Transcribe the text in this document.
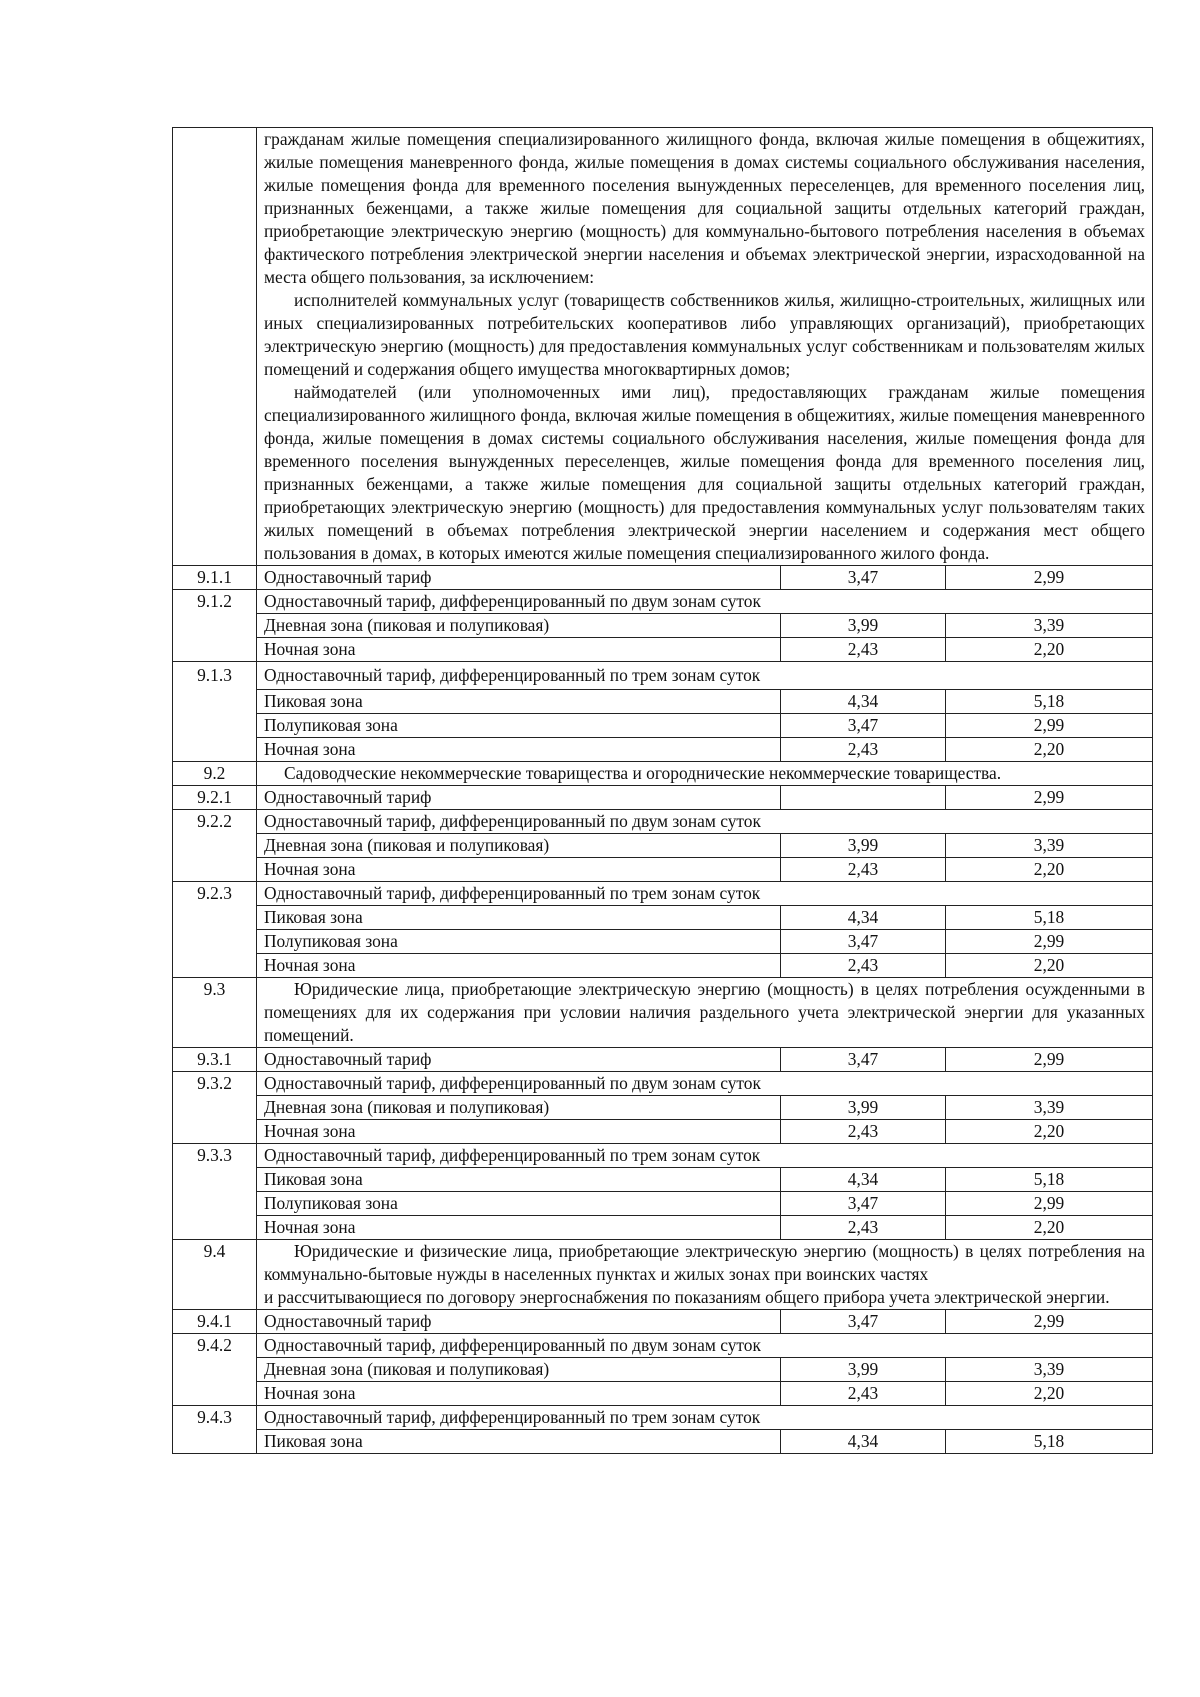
	гражданам жилые помещения специализированного жилищного фонда, включая жилые помещения в общежитиях, жилые помещения маневренного фонда, жилые помещения в домах системы социального обслуживания населения, жилые помещения фонда для временного поселения вынужденных переселенцев, для временного поселения лиц, признанных беженцами, а также жилые помещения для социальной защиты отдельных категорий граждан, приобретающие электрическую энергию (мощность) для коммунально-бытового потребления населения в объемах фактического потребления электрической энергии населения и объемах электрической энергии, израсходованной на места общего пользования, за исключением:

исполнителей коммунальных услуг (товариществ собственников жилья, жилищно-строительных, жилищных или иных специализированных потребительских кооперативов либо управляющих организаций), приобретающих электрическую энергию (мощность) для предоставления коммунальных услуг собственникам и пользователям жилых помещений и содержания общего имущества многоквартирных домов;

наймодателей (или уполномоченных ими лиц), предоставляющих гражданам жилые помещения специализированного жилищного фонда, включая жилые помещения в общежитиях, жилые помещения маневренного фонда, жилые помещения в домах системы социального обслуживания населения, жилые помещения фонда для временного поселения вынужденных переселенцев, жилые помещения фонда для временного поселения лиц, признанных беженцами, а также жилые помещения для социальной защиты отдельных категорий граждан, приобретающих электрическую энергию (мощность) для предоставления коммунальных услуг пользователям таких жилых помещений в объемах потребления электрической энергии населением и содержания мест общего пользования в домах, в которых имеются жилые помещения специализированного жилого фонда.		

9.1.1	Одноставочный тариф	3,47	2,99
9.1.2	Одноставочный тариф, дифференцированный по двум зонам суток		
	Дневная зона (пиковая и полупиковая)	3,99	3,39
	Ночная зона	2,43	2,20
9.1.3	Одноставочный тариф, дифференцированный по трем зонам суток		
	Пиковая зона	4,34	5,18
	Полупиковая зона	3,47	2,99
	Ночная зона	2,43	2,20
9.2	Садоводческие некоммерческие товарищества и огороднические некоммерческие товарищества.		
9.2.1	Одноставочный тариф		2,99
9.2.2	Одноставочный тариф, дифференцированный по двум зонам суток		
	Дневная зона (пиковая и полупиковая)	3,99	3,39
	Ночная зона	2,43	2,20
9.2.3	Одноставочный тариф, дифференцированный по трем зонам суток		
	Пиковая зона	4,34	5,18
	Полупиковая зона	3,47	2,99
	Ночная зона	2,43	2,20
9.3	Юридические лица, приобретающие электрическую энергию (мощность) в целях потребления осужденными в помещениях для их содержания при условии наличия раздельного учета электрической энергии для указанных помещений.		
9.3.1	Одноставочный тариф	3,47	2,99
9.3.2	Одноставочный тариф, дифференцированный по двум зонам суток		
	Дневная зона (пиковая и полупиковая)	3,99	3,39
	Ночная зона	2,43	2,20
9.3.3	Одноставочный тариф, дифференцированный по трем зонам суток		
	Пиковая зона	4,34	5,18
	Полупиковая зона	3,47	2,99
	Ночная зона	2,43	2,20
9.4	Юридические и физические лица, приобретающие электрическую энергию (мощность) в целях потребления на коммунально-бытовые нужды в населенных пунктах и жилых зонах при воинских частях

и рассчитывающиеся по договору энергоснабжения по показаниям общего прибора учета электрической энергии.		

9.4.1	Одноставочный тариф	3,47	2,99
9.4.2	Одноставочный тариф, дифференцированный по двум зонам суток		
	Дневная зона (пиковая и полупиковая)	3,99	3,39
	Ночная зона	2,43	2,20
9.4.3	Одноставочный тариф, дифференцированный по трем зонам суток		
	Пиковая зона	4,34	5,18
